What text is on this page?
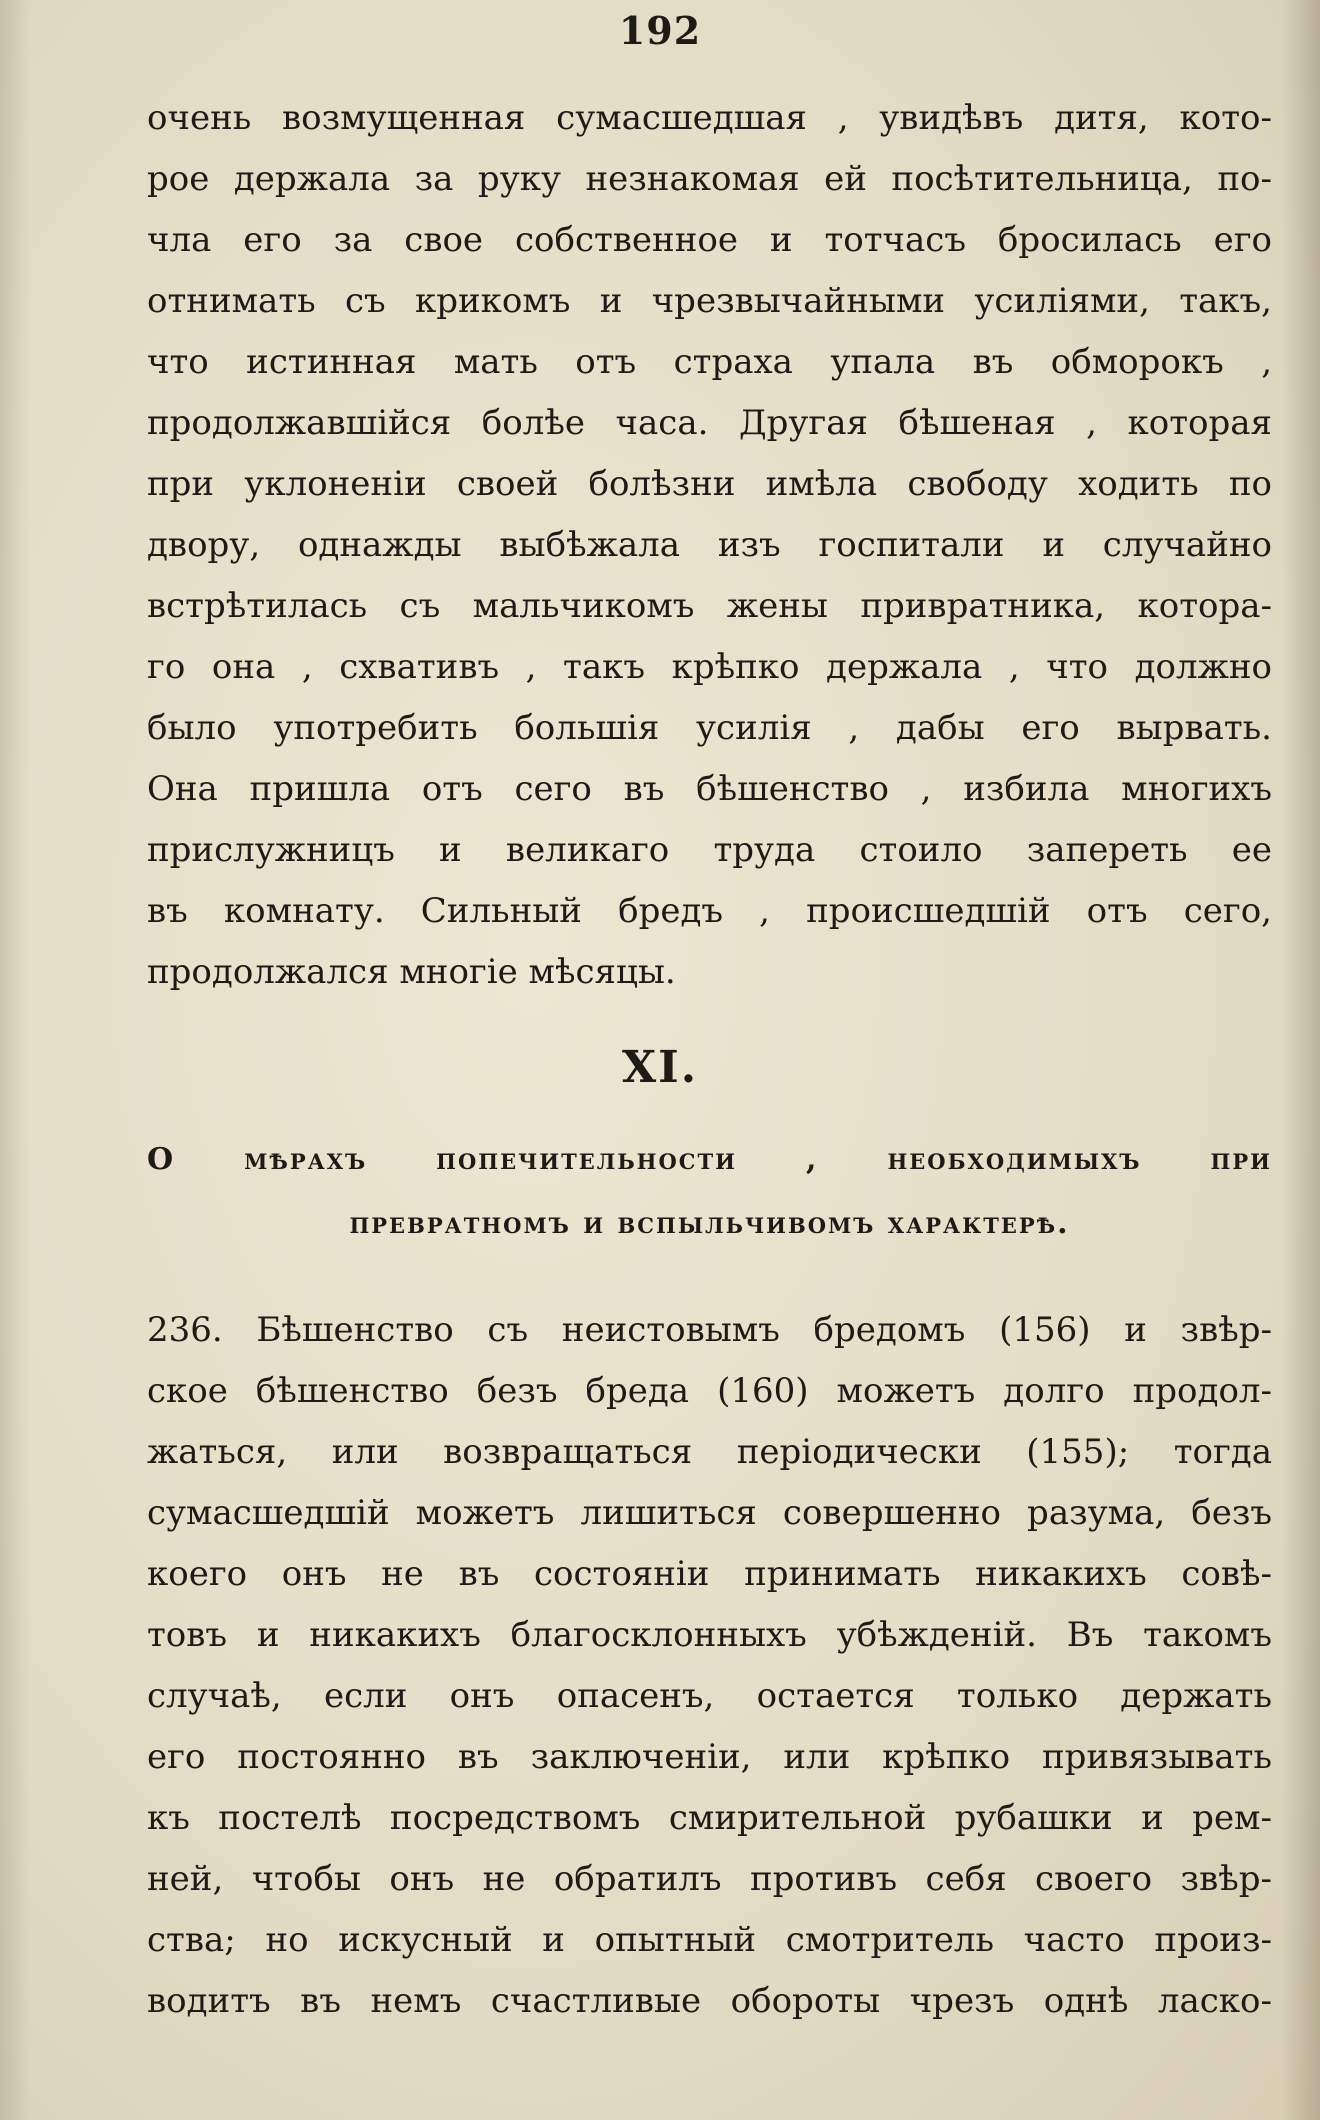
192
очень возмущенная сумасшедшая , увидѣвъ дитя, кото-
рое держала за руку незнакомая ей посѣтительница, по-
чла его за свое собственное и тотчасъ бросилась его
отнимать съ крикомъ и чрезвычайными усиліями, такъ,
что истинная мать отъ страха упала въ обморокъ ,
продолжавшійся болѣе часа. Другая бѣшеная , которая
при уклоненіи своей болѣзни имѣла свободу ходить по
двору, однажды выбѣжала изъ госпитали и случайно
встрѣтилась съ мальчикомъ жены привратника, котора-
го она , схвативъ , такъ крѣпко держала , что должно
было употребить большія усилія , дабы его вырвать.
Она пришла отъ сего въ бѣшенство , избила многихъ
прислужницъ и великаго труда стоило запереть ее
въ комнату. Сильный бредъ , происшедшій отъ сего,
продолжался многіе мѣсяцы.
XI.
О мѣрахъ попечительности , необходимыхъ при
превратномъ и вспыльчивомъ характерѣ.
236. Бѣшенство съ неистовымъ бредомъ (156) и звѣр-
ское бѣшенство безъ бреда (160) можетъ долго продол-
жаться, или возвращаться періодически (155); тогда
сумасшедшій можетъ лишиться совершенно разума, безъ
коего онъ не въ состояніи принимать никакихъ совѣ-
товъ и никакихъ благосклонныхъ убѣжденій. Въ такомъ
случаѣ, если онъ опасенъ, остается только держать
его постоянно въ заключеніи, или крѣпко привязывать
къ постелѣ посредствомъ смирительной рубашки и рем-
ней, чтобы онъ не обратилъ противъ себя своего звѣр-
ства; но искусный и опытный смотритель часто произ-
водитъ въ немъ счастливые обороты чрезъ однѣ ласко-
